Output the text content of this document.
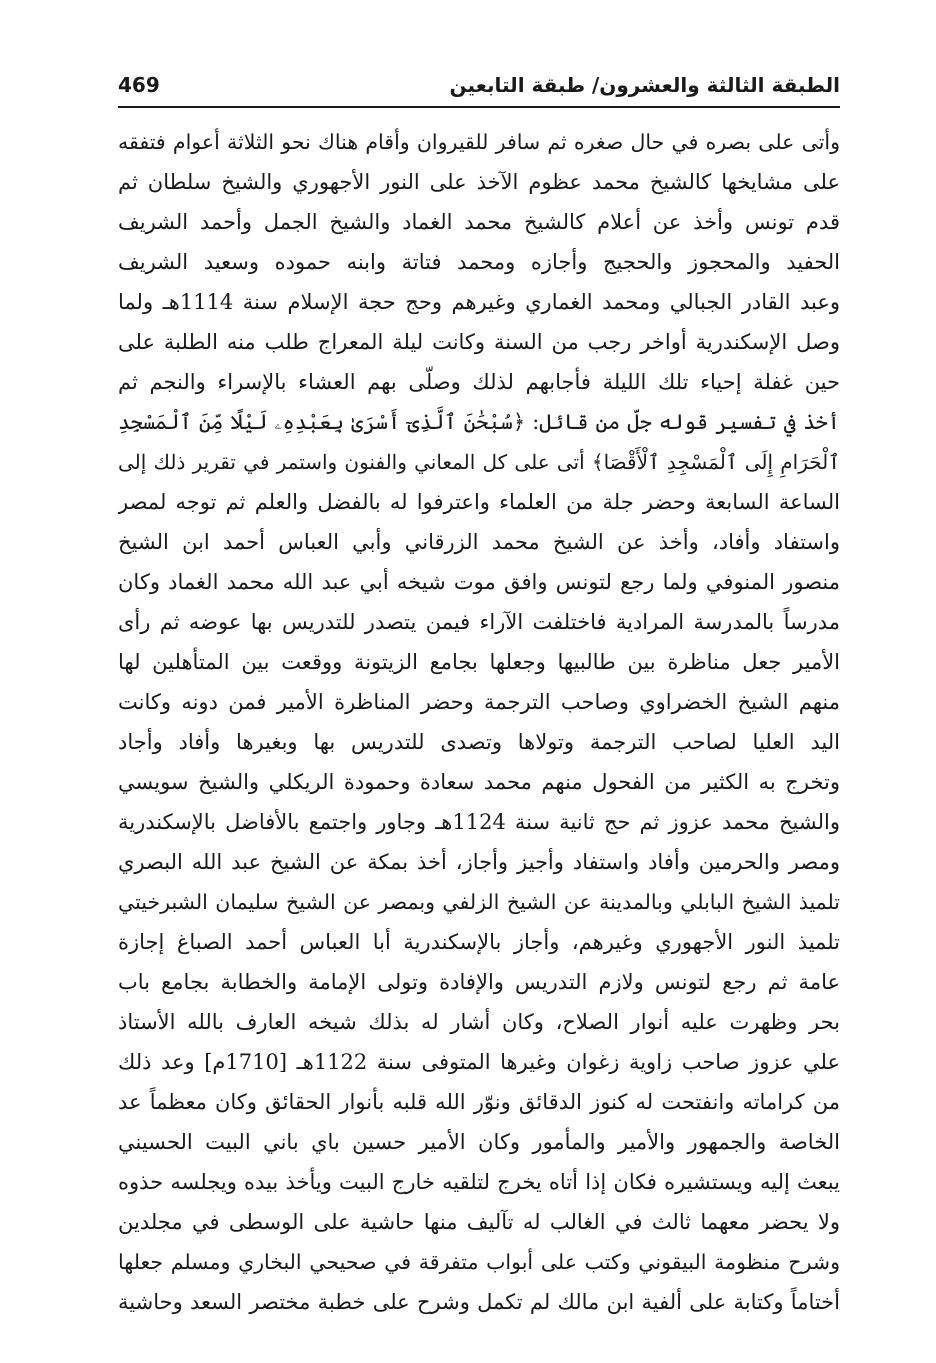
الطبقة الثالثة والعشرون/ طبقة التابعين
469
وأتى على بصره في حال صغره ثم سافر للقيروان وأقام هناك نحو الثلاثة أعوام فتفقه
على مشايخها كالشيخ محمد عظوم الآخذ على النور الأجهوري والشيخ سلطان ثم
قدم تونس وأخذ عن أعلام كالشيخ محمد الغماد والشيخ الجمل وأحمد الشريف
الحفيد والمحجوز والحجيج وأجازه ومحمد فتاتة وابنه حموده وسعيد الشريف
وعبد القادر الجبالي ومحمد الغماري وغيرهم وحج حجة الإسلام سنة 1114هـ ولما
وصل الإسكندرية أواخر رجب من السنة وكانت ليلة المعراج طلب منه الطلبة على
حين غفلة إحياء تلك الليلة فأجابهم لذلك وصلّى بهم العشاء بالإسراء والنجم ثم
أخذ في تفسير قوله جلّ من قائل: ﴿سُبْحَٰنَ ٱلَّذِىٓ أَسْرَىٰ بِعَبْدِهِۦ لَيْلًا مِّنَ ٱلْمَسْجِدِ
ٱلْحَرَامِ إِلَى ٱلْمَسْجِدِ ٱلْأَقْصَا﴾ أتى على كل المعاني والفنون واستمر في تقرير ذلك إلى
الساعة السابعة وحضر جلة من العلماء واعترفوا له بالفضل والعلم ثم توجه لمصر
واستفاد وأفاد، وأخذ عن الشيخ محمد الزرقاني وأبي العباس أحمد ابن الشيخ
منصور المنوفي ولما رجع لتونس وافق موت شيخه أبي عبد الله محمد الغماد وكان
مدرساً بالمدرسة المرادية فاختلفت الآراء فيمن يتصدر للتدريس بها عوضه ثم رأى
الأمير جعل مناظرة بين طالبيها وجعلها بجامع الزيتونة ووقعت بين المتأهلين لها
منهم الشيخ الخضراوي وصاحب الترجمة وحضر المناظرة الأمير فمن دونه وكانت
اليد العليا لصاحب الترجمة وتولاها وتصدى للتدريس بها وبغيرها وأفاد وأجاد
وتخرج به الكثير من الفحول منهم محمد سعادة وحمودة الريكلي والشيخ سويسي
والشيخ محمد عزوز ثم حج ثانية سنة 1124هـ وجاور واجتمع بالأفاضل بالإسكندرية
ومصر والحرمين وأفاد واستفاد وأجيز وأجاز، أخذ بمكة عن الشيخ عبد الله البصري
تلميذ الشيخ البابلي وبالمدينة عن الشيخ الزلفي وبمصر عن الشيخ سليمان الشبرخيتي
تلميذ النور الأجهوري وغيرهم، وأجاز بالإسكندرية أبا العباس أحمد الصباغ إجازة
عامة ثم رجع لتونس ولازم التدريس والإفادة وتولى الإمامة والخطابة بجامع باب
بحر وظهرت عليه أنوار الصلاح، وكان أشار له بذلك شيخه العارف بالله الأستاذ
علي عزوز صاحب زاوية زغوان وغيرها المتوفى سنة 1122هـ [1710م] وعد ذلك
من كراماته وانفتحت له كنوز الدقائق ونوّر الله قلبه بأنوار الحقائق وكان معظماً عد
الخاصة والجمهور والأمير والمأمور وكان الأمير حسين باي باني البيت الحسيني
يبعث إليه ويستشيره فكان إذا أتاه يخرج لتلقيه خارج البيت ويأخذ بيده ويجلسه حذوه
ولا يحضر معهما ثالث في الغالب له تآليف منها حاشية على الوسطى في مجلدين
وشرح منظومة البيقوني وكتب على أبواب متفرقة في صحيحي البخاري ومسلم جعلها
أختاماً وكتابة على ألفية ابن مالك لم تكمل وشرح على خطبة مختصر السعد وحاشية
